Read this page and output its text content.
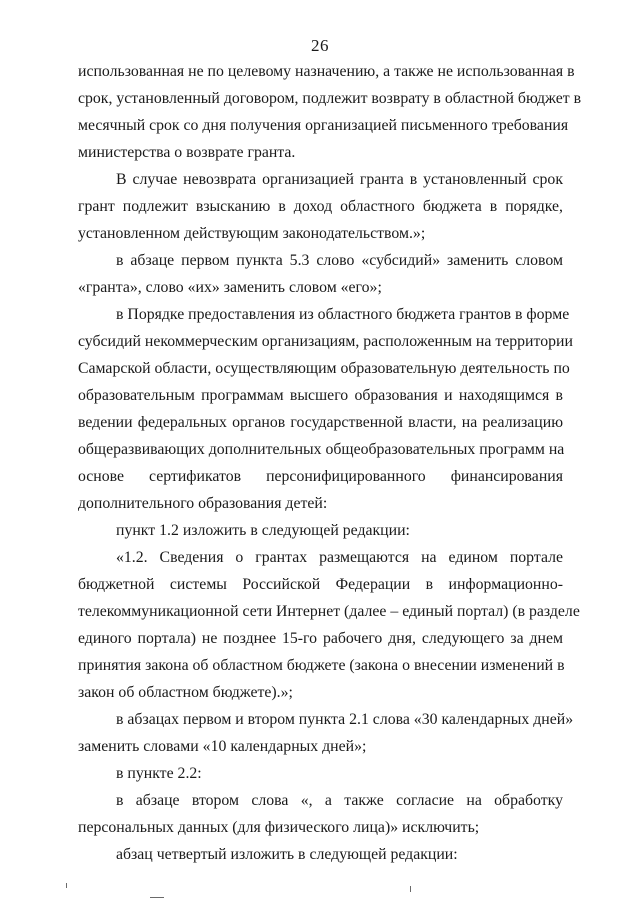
26
использованная не по целевому назначению, а также не использованная в
срок, установленный договором, подлежит возврату в областной бюджет в
месячный срок со дня получения организацией письменного требования
министерства о возврате гранта.
В случае невозврата организацией гранта в установленный срок
грант подлежит взысканию в доход областного бюджета в порядке,
установленном действующим законодательством.»;
в абзаце первом пункта 5.3 слово «субсидий» заменить словом
«гранта», слово «их» заменить словом «его»;
в Порядке предоставления из областного бюджета грантов в форме
субсидий некоммерческим организациям, расположенным на территории
Самарской области, осуществляющим образовательную деятельность по
образовательным программам высшего образования и находящимся в
ведении федеральных органов государственной власти, на реализацию
общеразвивающих дополнительных общеобразовательных программ на
основе сертификатов персонифицированного финансирования
дополнительного образования детей:
пункт 1.2 изложить в следующей редакции:
«1.2. Сведения о грантах размещаются на едином портале
бюджетной системы Российской Федерации в информационно-
телекоммуникационной сети Интернет (далее – единый портал) (в разделе
единого портала) не позднее 15-го рабочего дня, следующего за днем
принятия закона об областном бюджете (закона о внесении изменений в
закон об областном бюджете).»;
в абзацах первом и втором пункта 2.1 слова «30 календарных дней»
заменить словами «10 календарных дней»;
в пункте 2.2:
в абзаце втором слова «, а также согласие на обработку
персональных данных (для физического лица)» исключить;
абзац четвертый изложить в следующей редакции:
